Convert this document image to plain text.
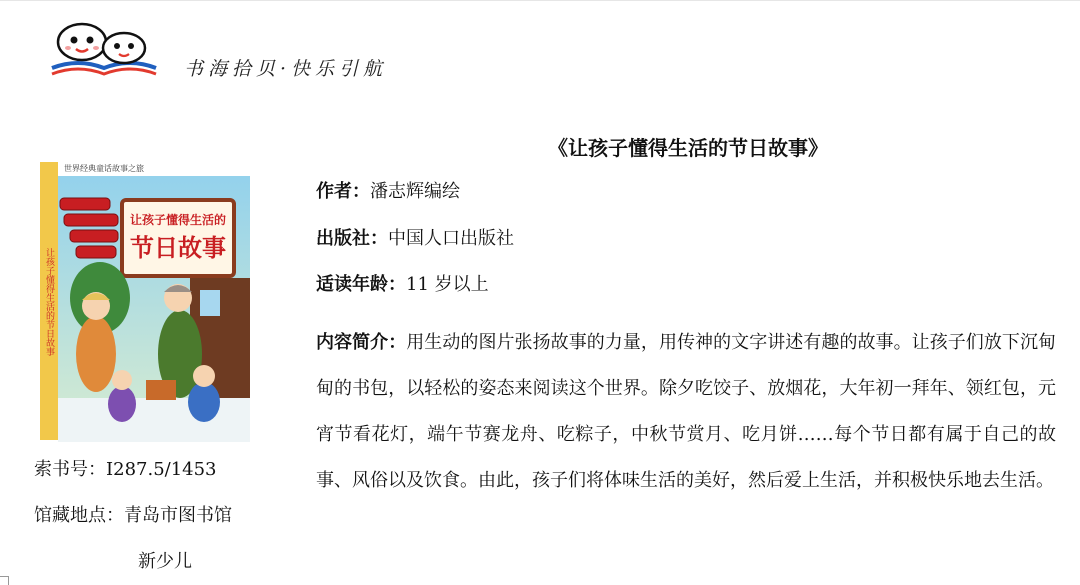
书海拾贝·快乐引航
《让孩子懂得生活的节日故事》
作者：潘志辉编绘
出版社：中国人口出版社
适读年龄：11 岁以上
内容简介：用生动的图片张扬故事的力量，用传神的文字讲述有趣的故事。让孩子们放下沉甸甸的书包，以轻松的姿态来阅读这个世界。除夕吃饺子、放烟花，大年初一拜年、领红包，元宵节看花灯，端午节赛龙舟、吃粽子，中秋节赏月、吃月饼……每个节日都有属于自己的故事、风俗以及饮食。由此，孩子们将体味生活的美好，然后爱上生活，并积极快乐地去生活。
让孩子懂得生活的节日故事
世界经典童话故事之旅
让孩子懂得生活的
节日故事
索书号：I287.5/1453
馆藏地点：青岛市图书馆
新少儿
